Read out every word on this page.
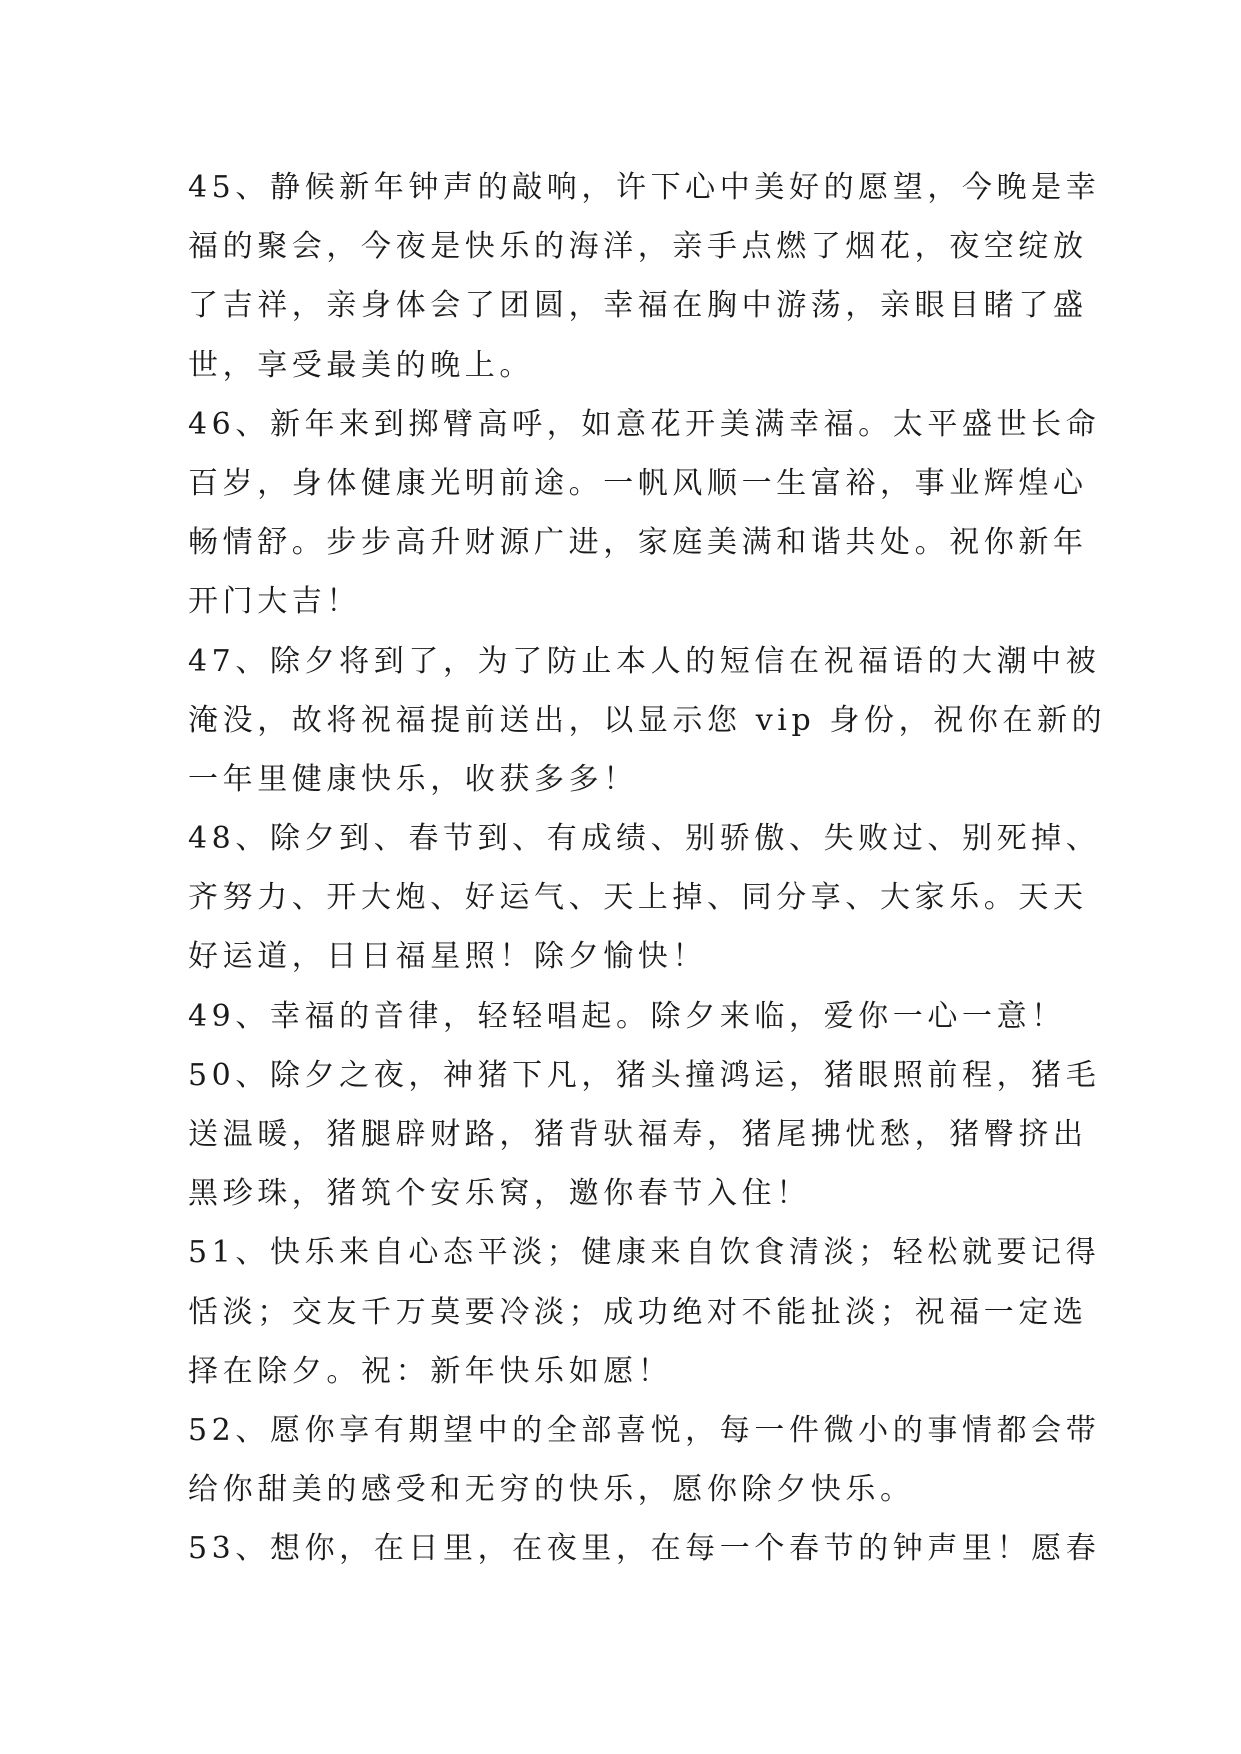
45、静候新年钟声的敲响，许下心中美好的愿望，今晚是幸
福的聚会，今夜是快乐的海洋，亲手点燃了烟花，夜空绽放
了吉祥，亲身体会了团圆，幸福在胸中游荡，亲眼目睹了盛
世，享受最美的晚上。
46、新年来到掷臂高呼，如意花开美满幸福。太平盛世长命
百岁，身体健康光明前途。一帆风顺一生富裕，事业辉煌心
畅情舒。步步高升财源广进，家庭美满和谐共处。祝你新年
开门大吉！
47、除夕将到了，为了防止本人的短信在祝福语的大潮中被
淹没，故将祝福提前送出，以显示您 vip 身份，祝你在新的
一年里健康快乐，收获多多！
48、除夕到、春节到、有成绩、别骄傲、失败过、别死掉、
齐努力、开大炮、好运气、天上掉、同分享、大家乐。天天
好运道，日日福星照！除夕愉快！
49、幸福的音律，轻轻唱起。除夕来临，爱你一心一意！
50、除夕之夜，神猪下凡，猪头撞鸿运，猪眼照前程，猪毛
送温暖，猪腿辟财路，猪背驮福寿，猪尾拂忧愁，猪臀挤出
黑珍珠，猪筑个安乐窝，邀你春节入住！
51、快乐来自心态平淡；健康来自饮食清淡；轻松就要记得
恬淡；交友千万莫要冷淡；成功绝对不能扯淡；祝福一定选
择在除夕。祝：新年快乐如愿！
52、愿你享有期望中的全部喜悦，每一件微小的事情都会带
给你甜美的感受和无穷的快乐，愿你除夕快乐。
53、想你，在日里，在夜里，在每一个春节的钟声里！愿春
